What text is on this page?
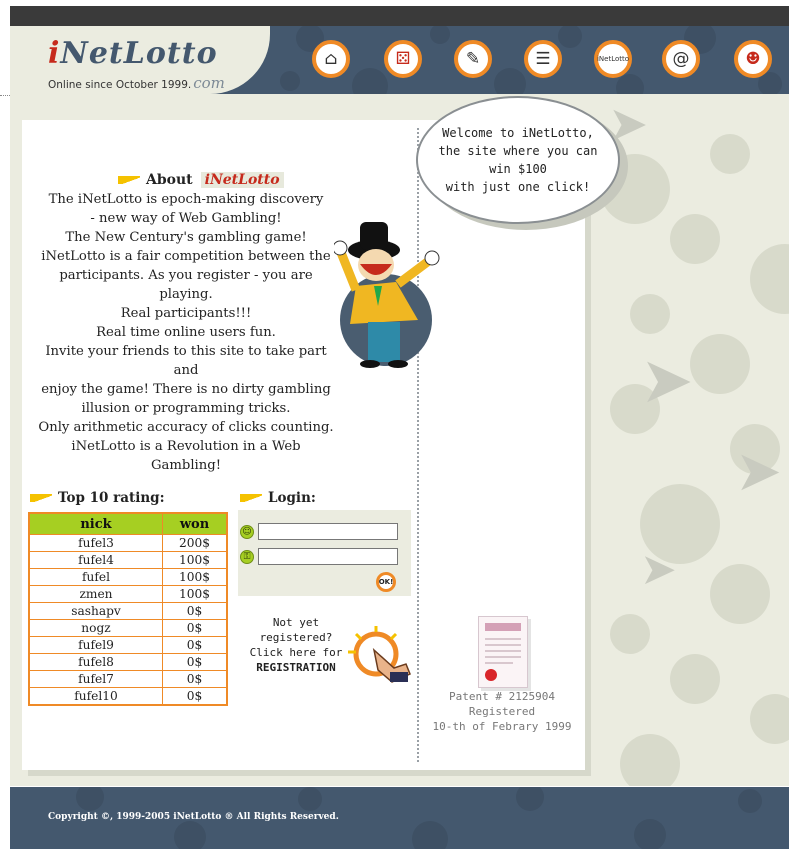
iNetLotto
Online since October 1999. com
⌂	⚄	✎	☰	iNetLotto	@	☻
➤
➤
➤
➤
About iNetLotto
The iNetLotto is epoch-making discovery
- new way of Web Gambling!
The New Century's gambling game!
iNetLotto is a fair competition between the
participants. As you register - you are playing.
Real participants!!!
Real time online users fun.
Invite your friends to this site to take part and
enjoy the game! There is no dirty gambling
illusion or programming tricks.
Only arithmetic accuracy of clicks counting.
iNetLotto is a Revolution in a Web Gambling!
Welcome to iNetLotto,
the site where you can
win $100
with just one click!
Top 10 rating:
nick	won
fufel3	200$
fufel4	100$
fufel	100$
zmen	100$
sashapv	0$
nogz	0$
fufel9	0$
fufel8	0$
fufel7	0$
fufel10	0$
Login:
☺
⚿
OK!
Not yet registered?
Click here for
REGISTRATION
Patent # 2125904
Registered
10-th of Febrary 1999
Copyright ©, 1999-2005 iNetLotto ® All Rights Reserved.
